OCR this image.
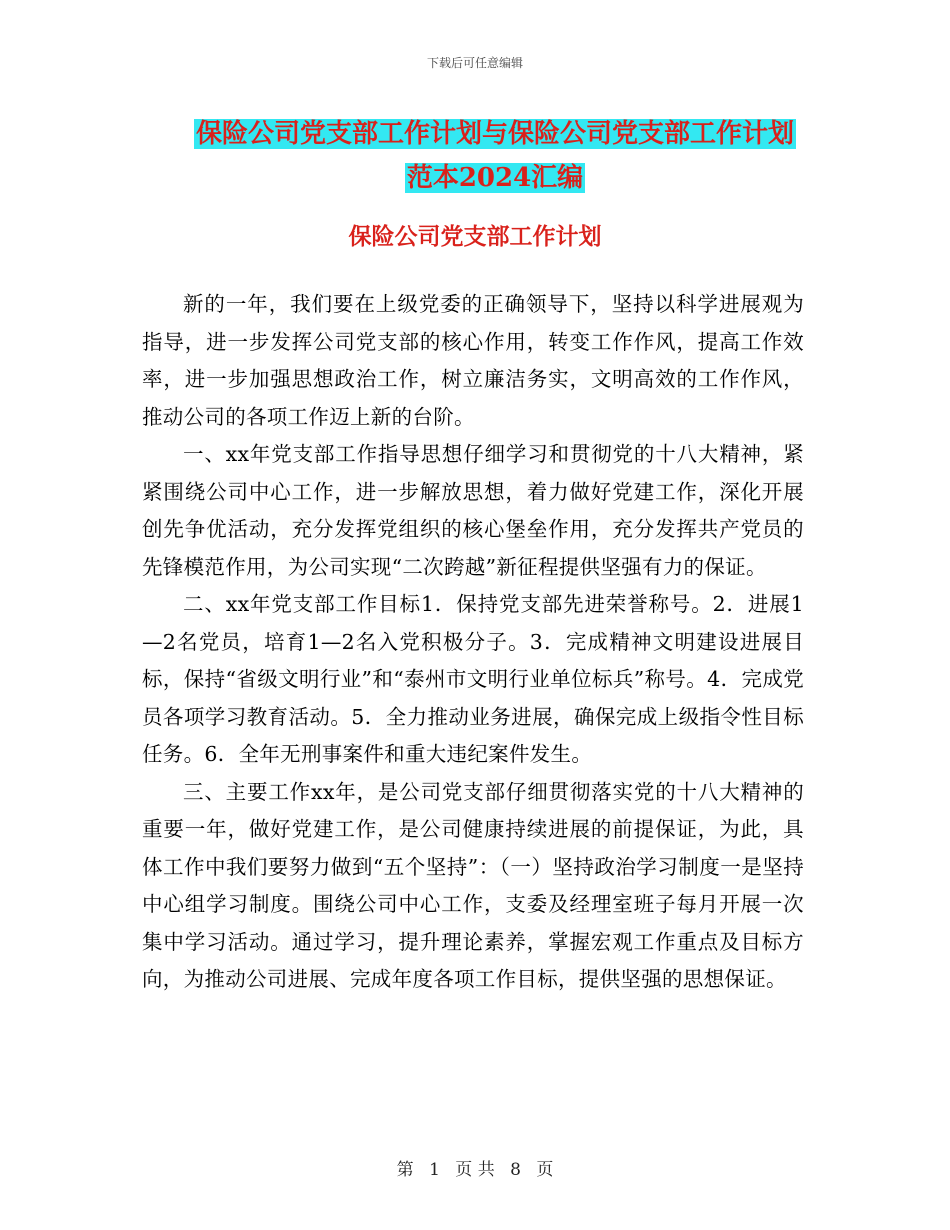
下载后可任意编辑
保险公司党支部工作计划与保险公司党支部工作计划
范本2024汇编
保险公司党支部工作计划

新的一年，我们要在上级党委的正确领导下，坚持以科学进展观为指导，进一步发挥公司党支部的核心作用，转变工作作风，提高工作效率，进一步加强思想政治工作，树立廉洁务实，文明高效的工作作风，推动公司的各项工作迈上新的台阶。

一、xx年党支部工作指导思想仔细学习和贯彻党的十八大精神，紧紧围绕公司中心工作，进一步解放思想，着力做好党建工作，深化开展创先争优活动，充分发挥党组织的核心堡垒作用，充分发挥共产党员的先锋模范作用，为公司实现“二次跨越”新征程提供坚强有力的保证。

二、xx年党支部工作目标1．保持党支部先进荣誉称号。2．进展1—2名党员，培育1—2名入党积极分子。3．完成精神文明建设进展目标，保持“省级文明行业”和“泰州市文明行业单位标兵”称号。4．完成党员各项学习教育活动。5．全力推动业务进展，确保完成上级指令性目标任务。6．全年无刑事案件和重大违纪案件发生。

三、主要工作xx年，是公司党支部仔细贯彻落实党的十八大精神的重要一年，做好党建工作，是公司健康持续进展的前提保证，为此，具体工作中我们要努力做到“五个坚持”：（一）坚持政治学习制度一是坚持中心组学习制度。围绕公司中心工作，支委及经理室班子每月开展一次集中学习活动。通过学习，提升理论素养，掌握宏观工作重点及目标方向，为推动公司进展、完成年度各项工作目标，提供坚强的思想保证。

第 1 页 共 8 页
